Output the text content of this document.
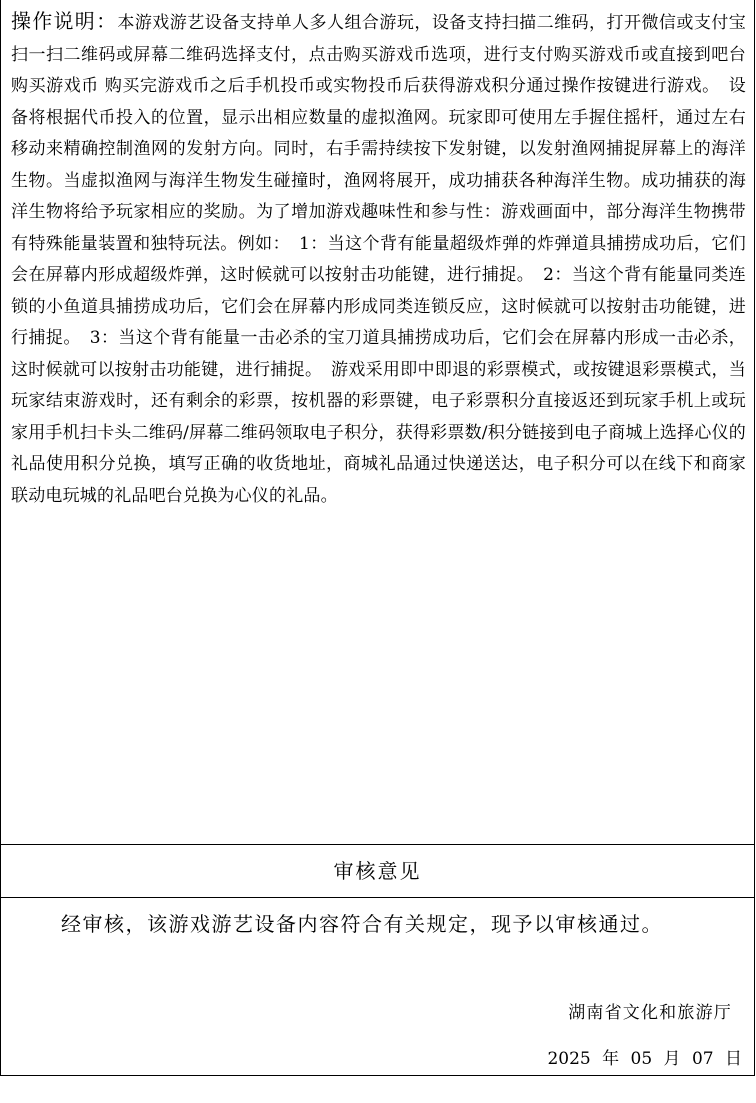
操作说明：本游戏游艺设备支持单人多人组合游玩，设备支持扫描二维码，打开微信或支付宝扫一扫二维码或屏幕二维码选择支付，点击购买游戏币选项，进行支付购买游戏币或直接到吧台购买游戏币 购买完游戏币之后手机投币或实物投币后获得游戏积分通过操作按键进行游戏。　设备将根据代币投入的位置，显示出相应数量的虚拟渔网。玩家即可使用左手握住摇杆，通过左右移动来精确控制渔网的发射方向。同时，右手需持续按下发射键，以发射渔网捕捉屏幕上的海洋生物。当虚拟渔网与海洋生物发生碰撞时，渔网将展开，成功捕获各种海洋生物。成功捕获的海洋生物将给予玩家相应的奖励。为了增加游戏趣味性和参与性：游戏画面中，部分海洋生物携带有特殊能量装置和独特玩法。例如：　1：当这个背有能量超级炸弹的炸弹道具捕捞成功后，它们会在屏幕内形成超级炸弹，这时候就可以按射击功能键，进行捕捉。　2：当这个背有能量同类连锁的小鱼道具捕捞成功后，它们会在屏幕内形成同类连锁反应，这时候就可以按射击功能键，进行捕捉。　3：当这个背有能量一击必杀的宝刀道具捕捞成功后，它们会在屏幕内形成一击必杀，这时候就可以按射击功能键，进行捕捉。　游戏采用即中即退的彩票模式，或按键退彩票模式，当玩家结束游戏时，还有剩余的彩票，按机器的彩票键，电子彩票积分直接返还到玩家手机上或玩家用手机扫卡头二维码/屏幕二维码领取电子积分，获得彩票数/积分链接到电子商城上选择心仪的礼品使用积分兑换，填写正确的收货地址，商城礼品通过快递送达，电子积分可以在线下和商家联动电玩城的礼品吧台兑换为心仪的礼品。
审核意见
经审核，该游戏游艺设备内容符合有关规定，现予以审核通过。
湖南省文化和旅游厅
2025 年 05 月 07 日
